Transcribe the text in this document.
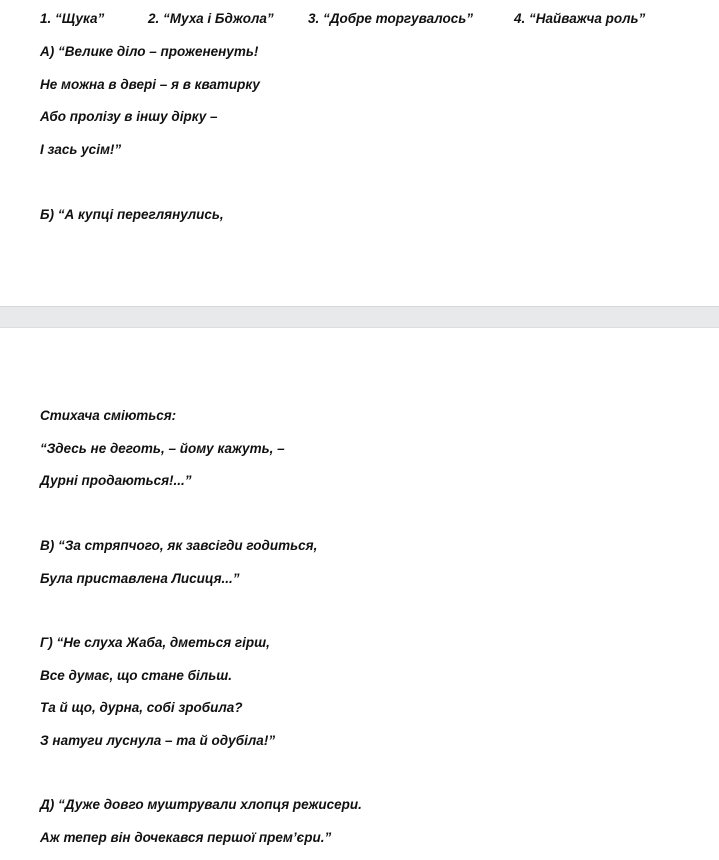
1. “Щука”	2. “Муха і Бджола”	3. “Добре торгувалось”	4. “Найважча роль”
А) “Велике діло – прожененуть!
Не можна в двері – я в кватирку
Або пролізу в іншу дірку –
І зась усім!”
Б) “А купці переглянулись,
Стихача сміються:
“Здесь не деготь, – йому кажуть, –
Дурні продаються!...”
В) “За стряпчого, як завсігди годиться,
Була приставлена Лисиця...”
Г) “Не слуха Жаба, дметься гірш,
Все думає, що стане більш.
Та й що, дурна, собі зробила?
З натуги луснула – та й одубіла!”
Д) “Дуже довго муштрували хлопця режисери.
Аж тепер він дочекався першої прем’єри.”
